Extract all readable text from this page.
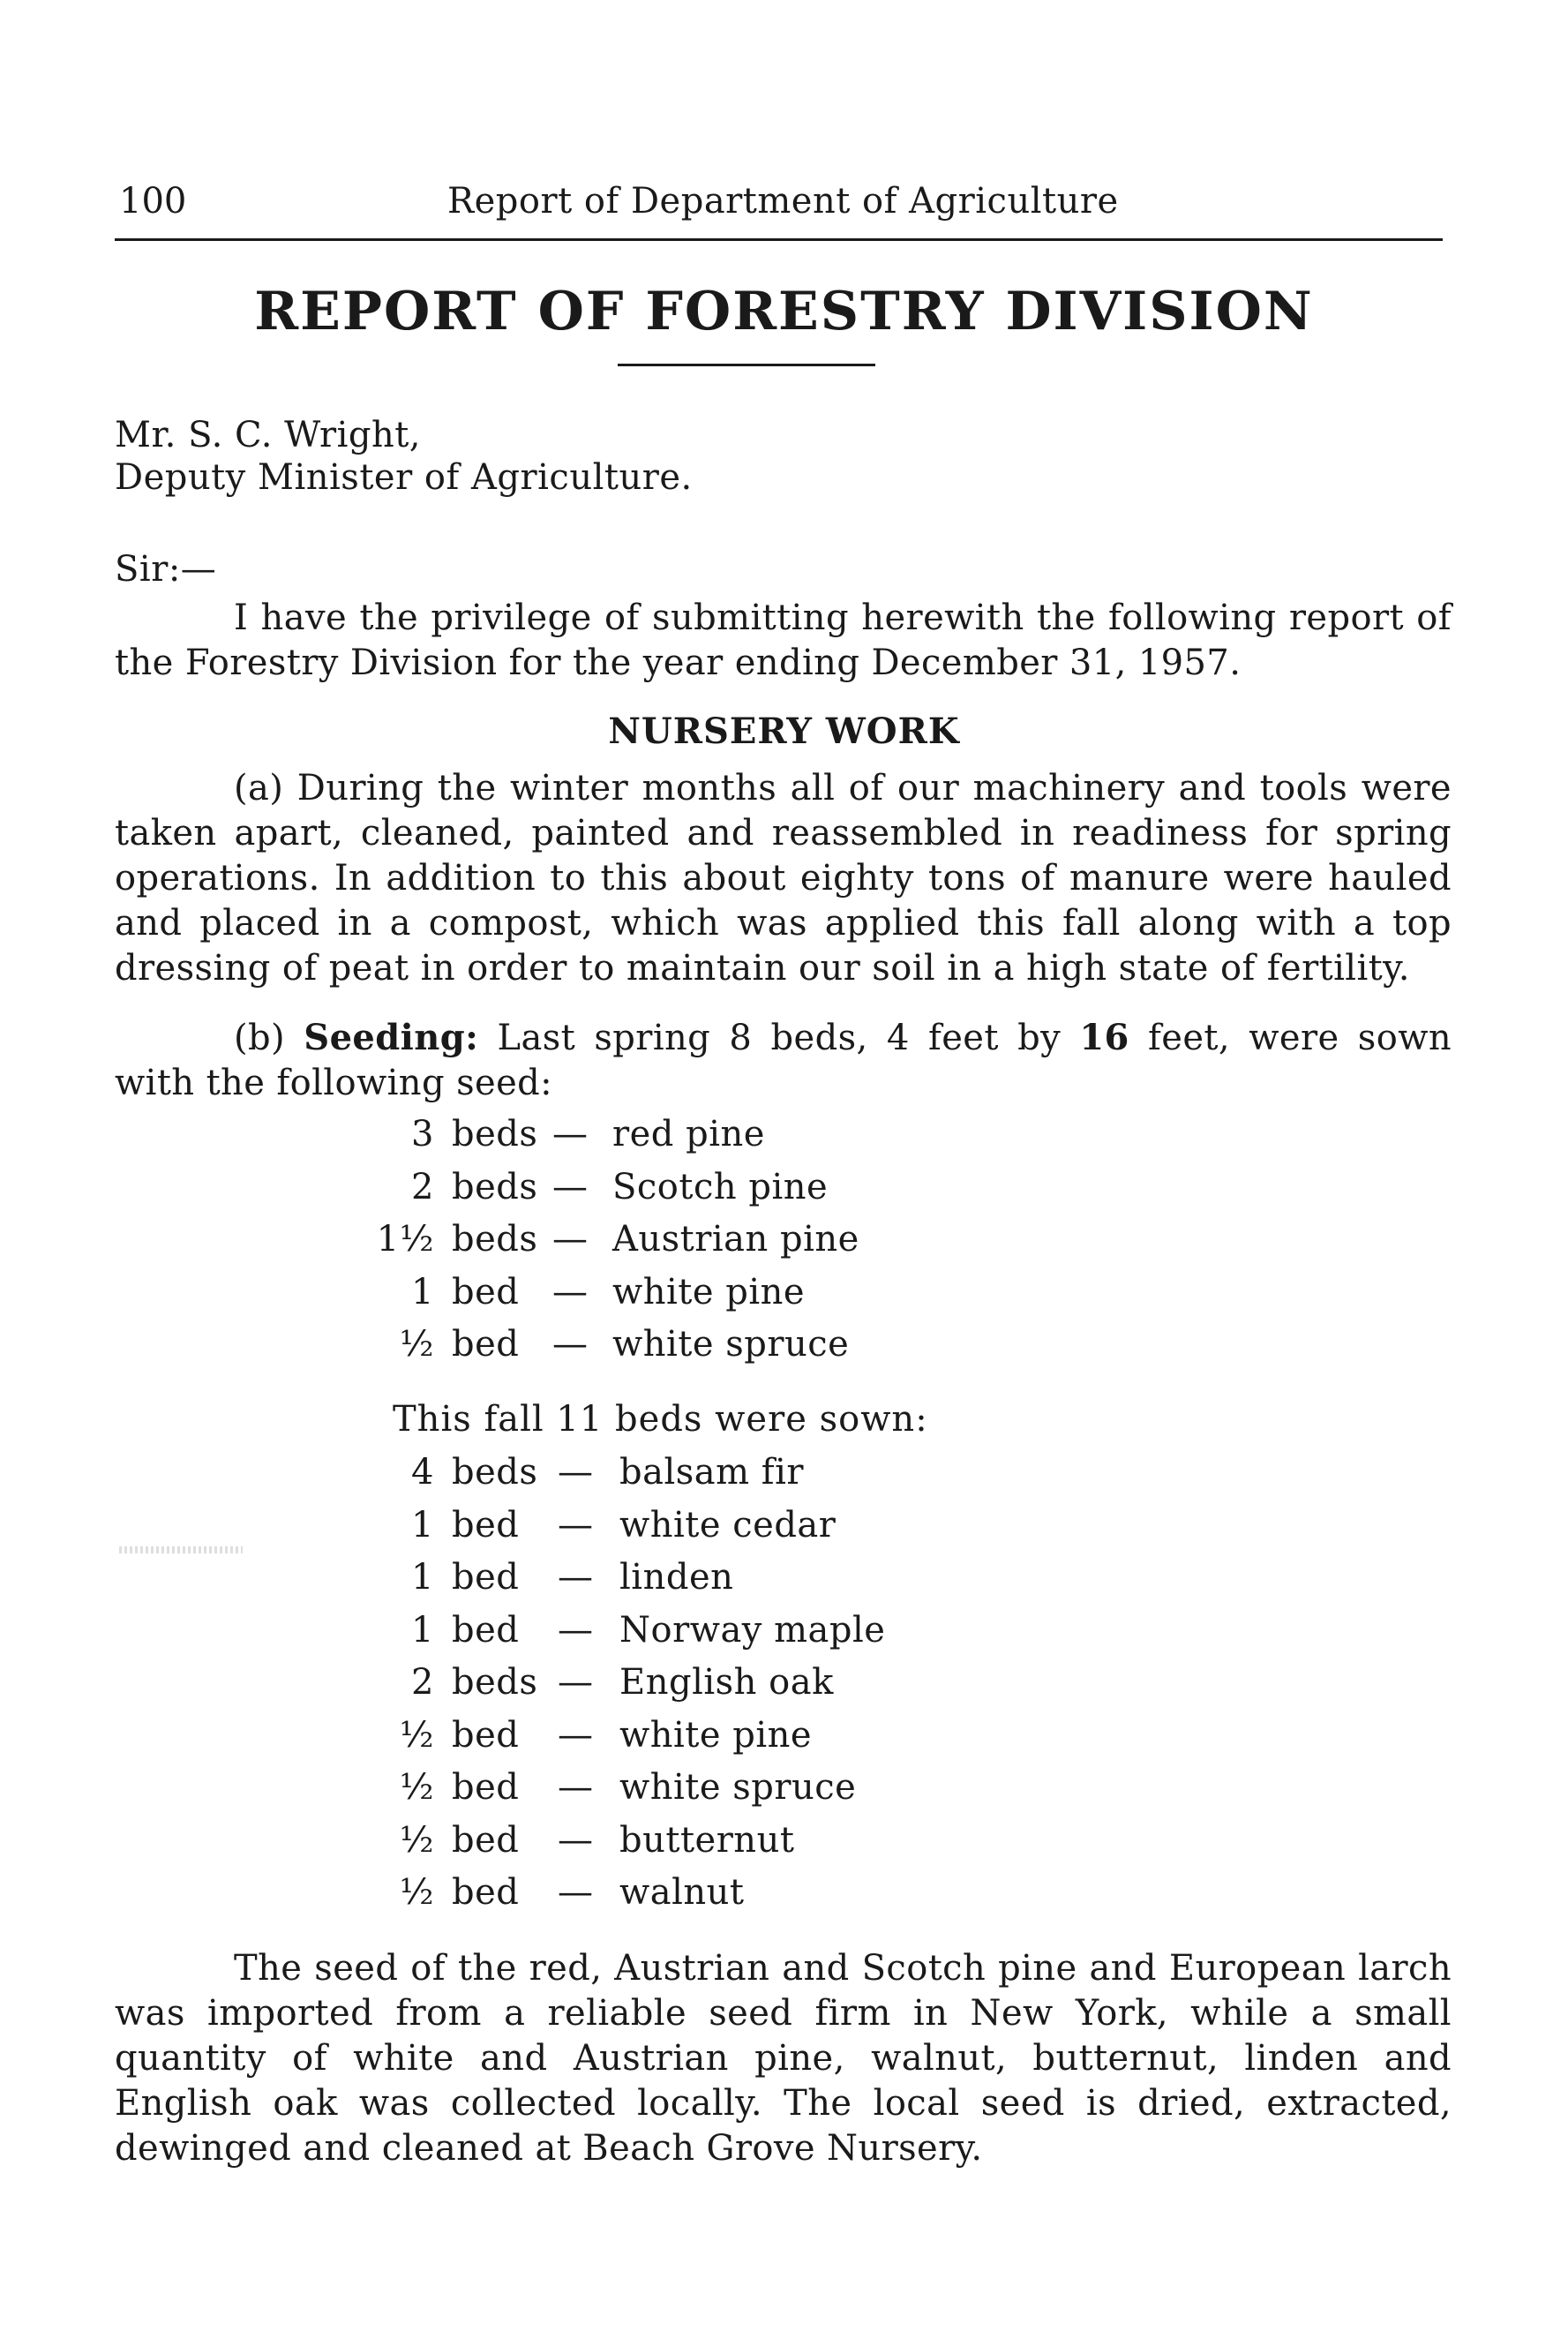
100	Report of Department of Agriculture
REPORT OF FORESTRY DIVISION
Mr. S. C. Wright,
Deputy Minister of Agriculture.
Sir:—
I have the privilege of submitting herewith the following report of the Forestry Division for the year ending December 31, 1957.
NURSERY WORK
(a) During the winter months all of our machinery and tools were taken apart, cleaned, painted and reassembled in readiness for spring operations. In addition to this about eighty tons of manure were hauled and placed in a compost, which was applied this fall along with a top dressing of peat in order to maintain our soil in a high state of fertility.
(b) Seeding: Last spring 8 beds, 4 feet by 16 feet, were sown with the following seed:
3 beds — red pine
2 beds — Scotch pine
1½ beds — Austrian pine
1 bed — white pine
½ bed — white spruce
This fall 11 beds were sown:
4 beds — balsam fir
1 bed — white cedar
1 bed — linden
1 bed — Norway maple
2 beds — English oak
½ bed — white pine
½ bed — white spruce
½ bed — butternut
½ bed — walnut
The seed of the red, Austrian and Scotch pine and European larch was imported from a reliable seed firm in New York, while a small quantity of white and Austrian pine, walnut, butternut, linden and English oak was collected locally. The local seed is dried, extracted, dewinged and cleaned at Beach Grove Nursery.
